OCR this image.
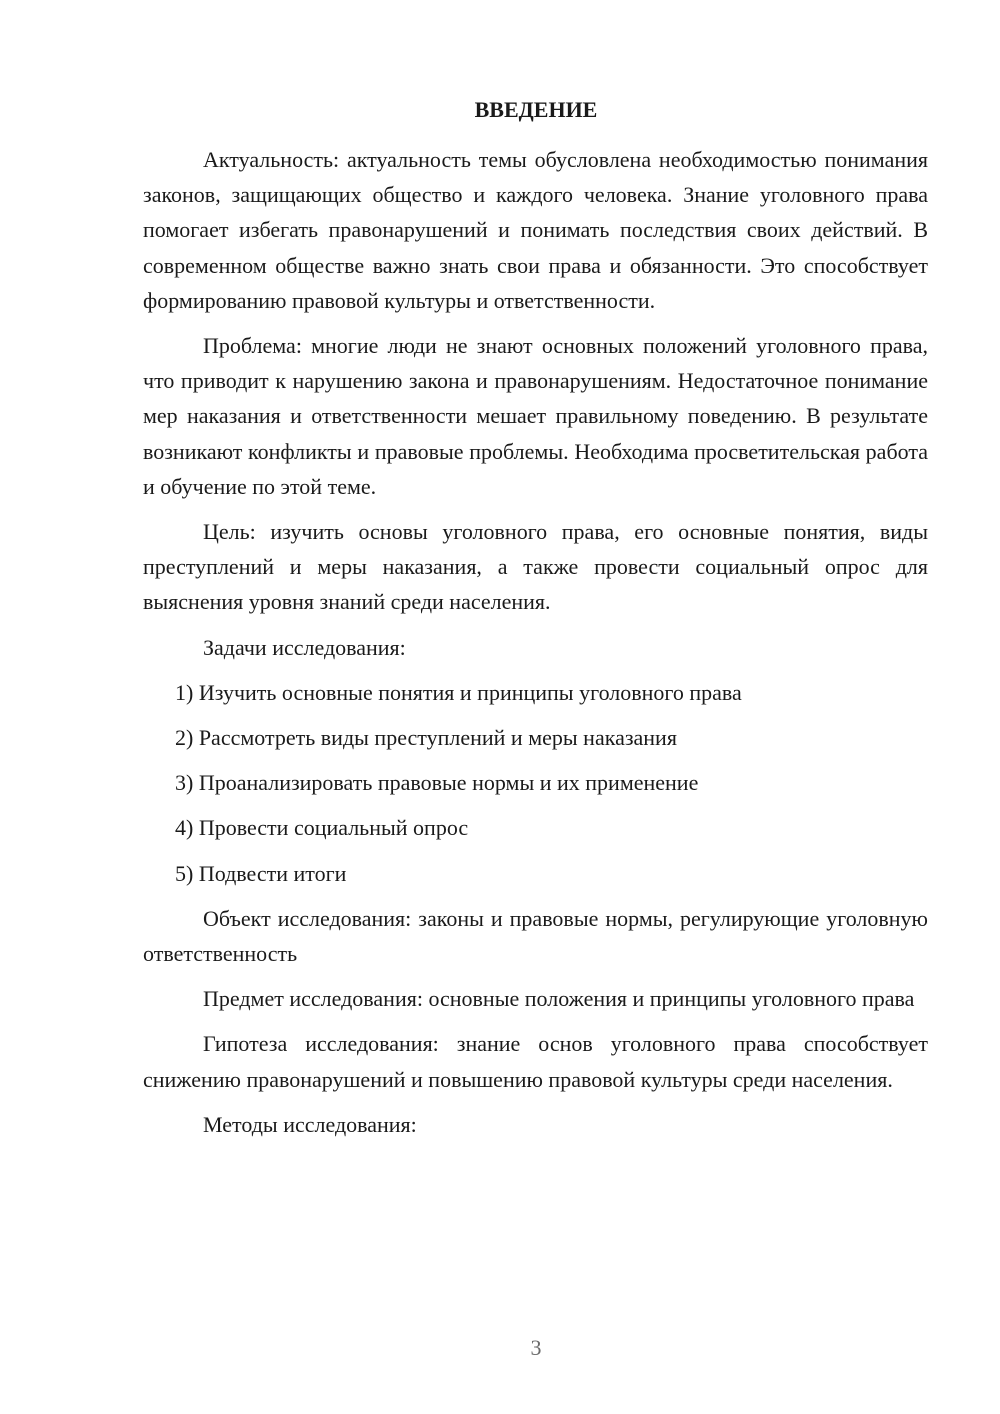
ВВЕДЕНИЕ

Актуальность: актуальность темы обусловлена необходимостью понимания законов, защищающих общество и каждого человека. Знание уголовного права помогает избегать правонарушений и понимать последствия своих действий. В современном обществе важно знать свои права и обязанности. Это способствует формированию правовой культуры и ответственности.

Проблема: многие люди не знают основных положений уголовного права, что приводит к нарушению закона и правонарушениям. Недостаточное понимание мер наказания и ответственности мешает правильному поведению. В результате возникают конфликты и правовые проблемы. Необходима просветительская работа и обучение по этой теме.

Цель: изучить основы уголовного права, его основные понятия, виды преступлений и меры наказания, а также провести социальный опрос для выяснения уровня знаний среди населения.

Задачи исследования:

1) Изучить основные понятия и принципы уголовного права
2) Рассмотреть виды преступлений и меры наказания
3) Проанализировать правовые нормы и их применение
4) Провести социальный опрос
5) Подвести итоги

Объект исследования: законы и правовые нормы, регулирующие уголовную ответственность

Предмет исследования: основные положения и принципы уголовного права

Гипотеза исследования: знание основ уголовного права способствует снижению правонарушений и повышению правовой культуры среди населения.

Методы исследования:

3
